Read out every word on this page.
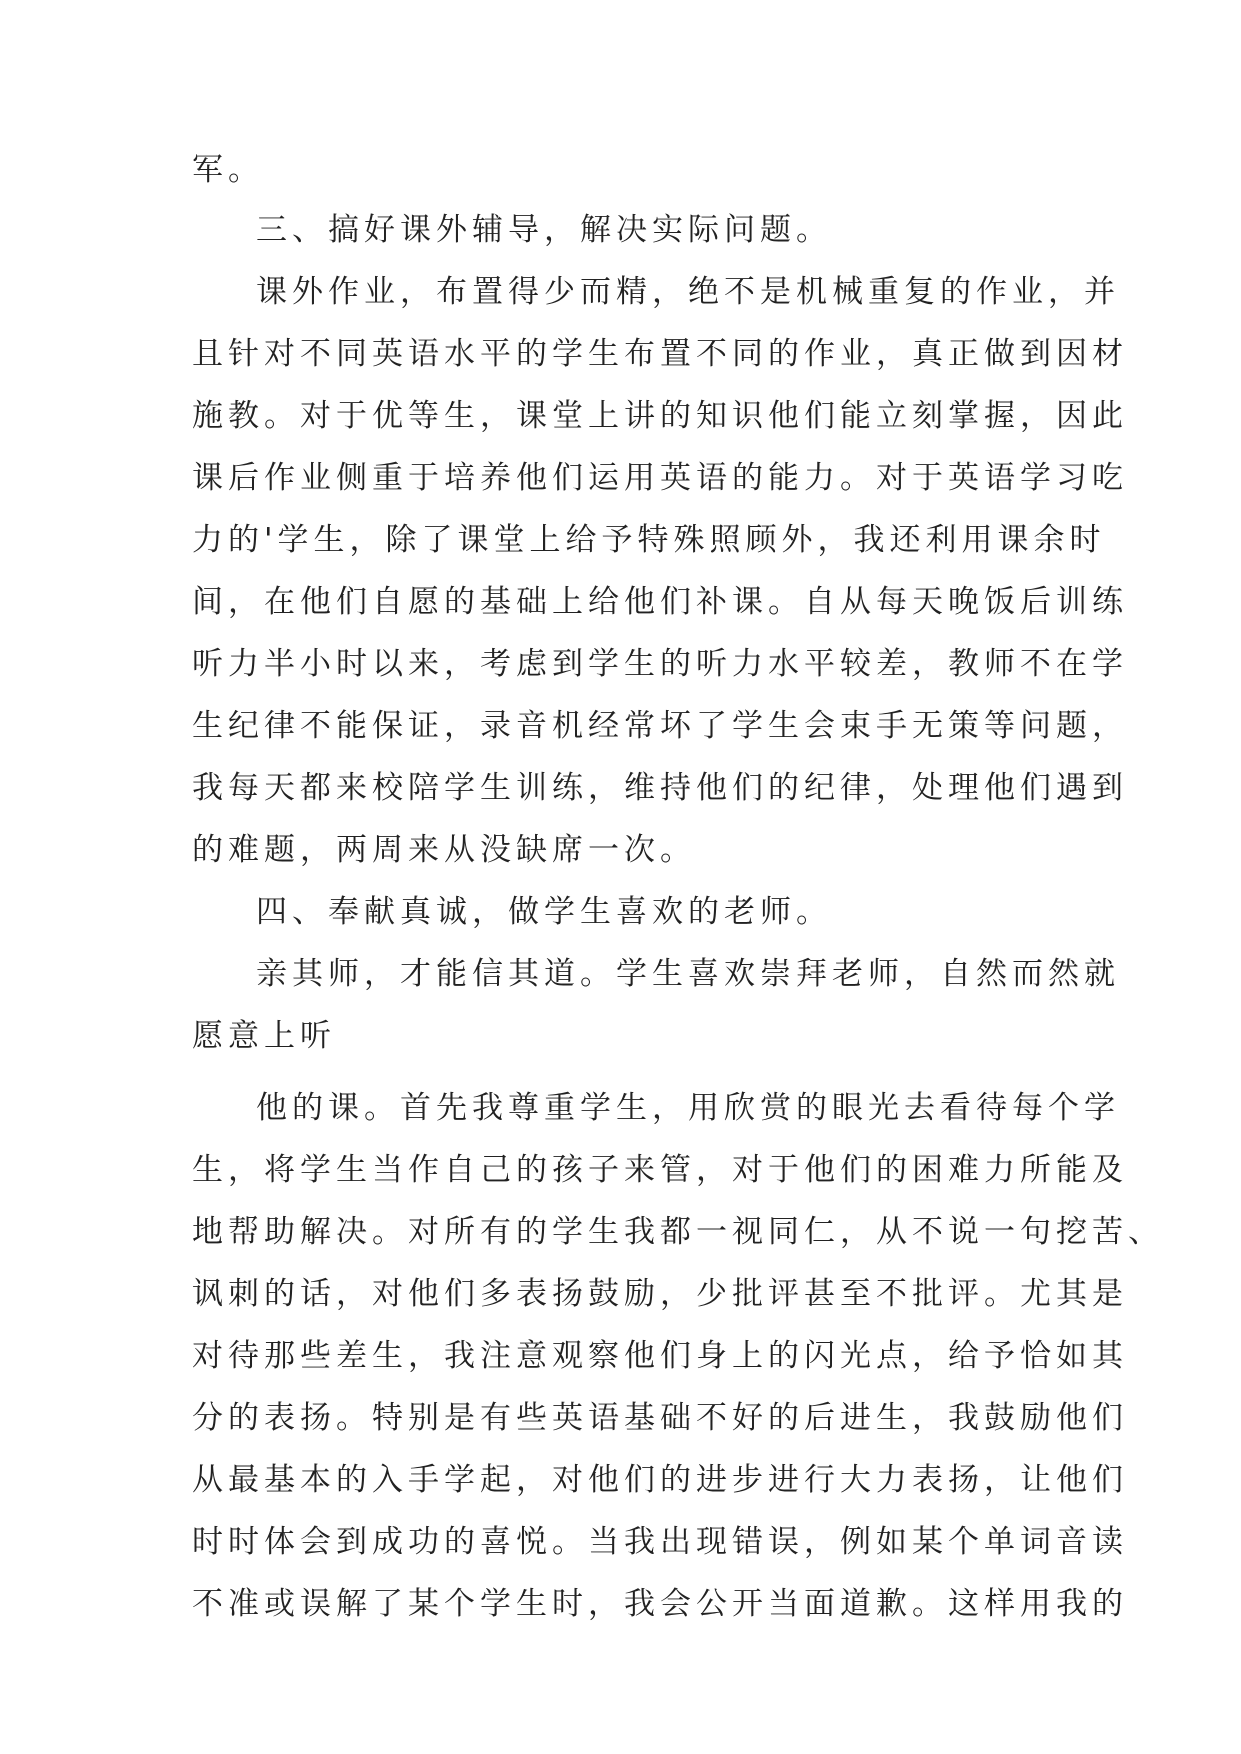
军。
三、搞好课外辅导，解决实际问题。
课外作业，布置得少而精，绝不是机械重复的作业，并
且针对不同英语水平的学生布置不同的作业，真正做到因材
施教。对于优等生，课堂上讲的知识他们能立刻掌握，因此
课后作业侧重于培养他们运用英语的能力。对于英语学习吃
力的'学生，除了课堂上给予特殊照顾外，我还利用课余时
间，在他们自愿的基础上给他们补课。自从每天晚饭后训练
听力半小时以来，考虑到学生的听力水平较差，教师不在学
生纪律不能保证，录音机经常坏了学生会束手无策等问题，
我每天都来校陪学生训练，维持他们的纪律，处理他们遇到
的难题，两周来从没缺席一次。
四、奉献真诚，做学生喜欢的老师。
亲其师，才能信其道。学生喜欢崇拜老师，自然而然就
愿意上听
他的课。首先我尊重学生，用欣赏的眼光去看待每个学
生，将学生当作自己的孩子来管，对于他们的困难力所能及
地帮助解决。对所有的学生我都一视同仁，从不说一句挖苦、
讽刺的话，对他们多表扬鼓励，少批评甚至不批评。尤其是
对待那些差生，我注意观察他们身上的闪光点，给予恰如其
分的表扬。特别是有些英语基础不好的后进生，我鼓励他们
从最基本的入手学起，对他们的进步进行大力表扬，让他们
时时体会到成功的喜悦。当我出现错误，例如某个单词音读
不准或误解了某个学生时，我会公开当面道歉。这样用我的
